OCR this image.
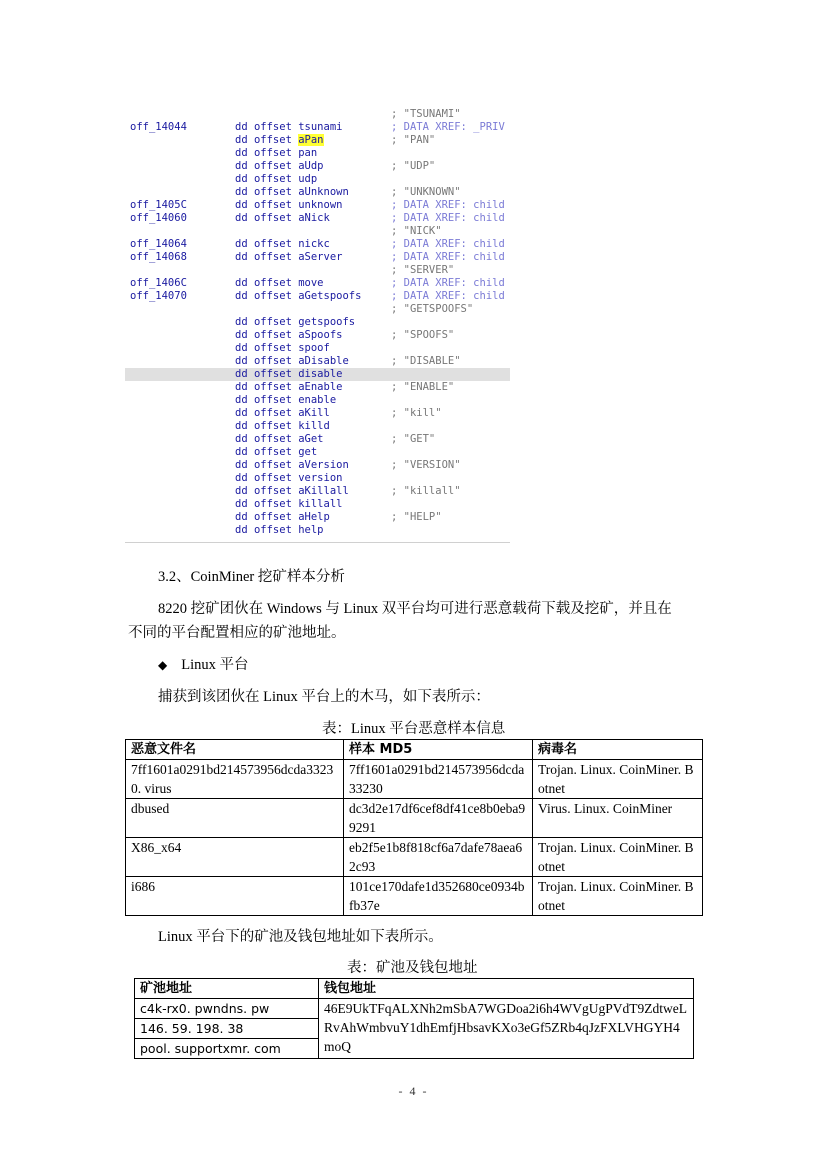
; "TSUNAMI"
off_14044	dd offset tsunami	; DATA XREF: _PRIV
dd offset aPan	; "PAN"
dd offset pan
dd offset aUdp	; "UDP"
dd offset udp
dd offset aUnknown	; "UNKNOWN"
off_1405C	dd offset unknown	; DATA XREF: child
off_14060	dd offset aNick	; DATA XREF: child
; "NICK"
off_14064	dd offset nickc	; DATA XREF: child
off_14068	dd offset aServer	; DATA XREF: child
; "SERVER"
off_1406C	dd offset move	; DATA XREF: child
off_14070	dd offset aGetspoofs	; DATA XREF: child
; "GETSPOOFS"
dd offset getspoofs
dd offset aSpoofs	; "SPOOFS"
dd offset spoof
dd offset aDisable	; "DISABLE"
dd offset disable
dd offset aEnable	; "ENABLE"
dd offset enable
dd offset aKill	; "kill"
dd offset killd
dd offset aGet	; "GET"
dd offset get
dd offset aVersion	; "VERSION"
dd offset version
dd offset aKillall	; "killall"
dd offset killall
dd offset aHelp	; "HELP"
dd offset help
3.2、CoinMiner 挖矿样本分析
8220 挖矿团伙在 Windows 与 Linux 双平台均可进行恶意载荷下载及挖矿，并且在
不同的平台配置相应的矿池地址。
◆ Linux 平台
捕获到该团伙在 Linux 平台上的木马，如下表所示：
表：Linux 平台恶意样本信息
恶意文件名	样本 MD5	病毒名
7ff1601a0291bd214573956dcda33230. virus	7ff1601a0291bd214573956dcda33230	Trojan. Linux. CoinMiner. Botnet
dbused	dc3d2e17df6cef8df41ce8b0eba99291	Virus. Linux. CoinMiner
X86_x64	eb2f5e1b8f818cf6a7dafe78aea62c93	Trojan. Linux. CoinMiner. Botnet
i686	101ce170dafe1d352680ce0934bfb37e	Trojan. Linux. CoinMiner. Botnet
Linux 平台下的矿池及钱包地址如下表所示。
表：矿池及钱包地址
矿池地址	钱包地址
c4k-rx0. pwndns. pw	46E9UkTFqALXNh2mSbA7WGDoa2i6h4WVgUgPVdT9ZdtweLRvAhWmbvuY1dhEmfjHbsavKXo3eGf5ZRb4qJzFXLVHGYH4moQ
146. 59. 198. 38	
pool. supportxmr. com	
- 4 -
